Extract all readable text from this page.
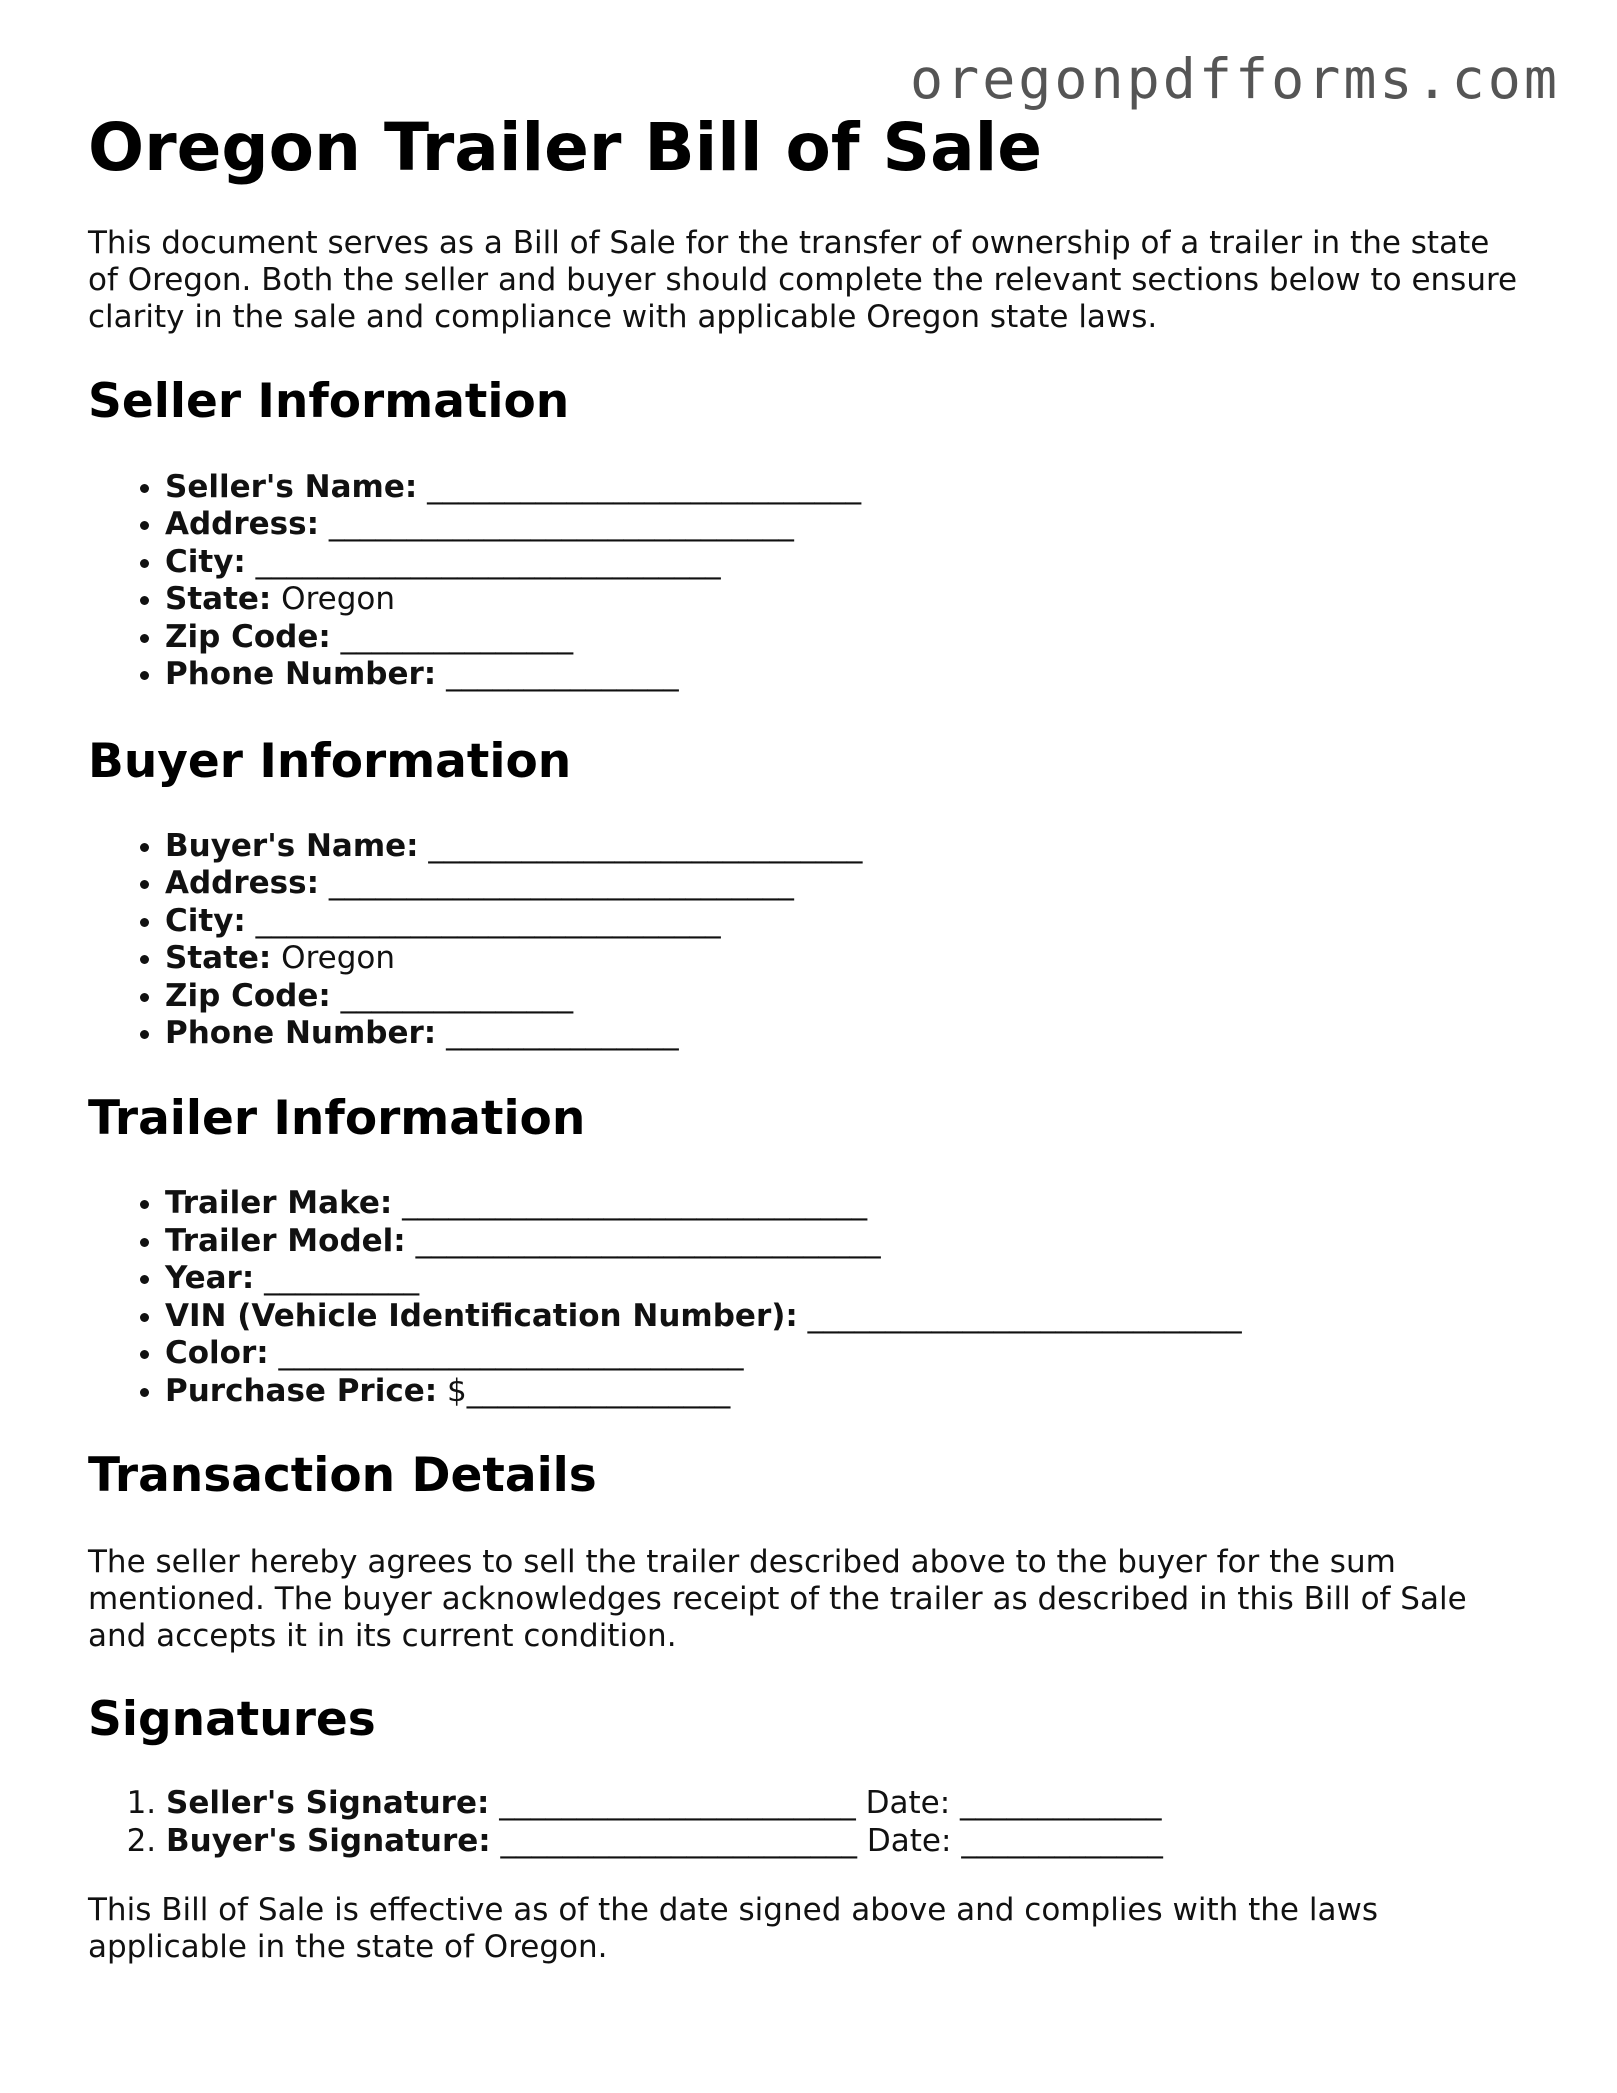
oregonpdfforms.com
Oregon Trailer Bill of Sale

This document serves as a Bill of Sale for the transfer of ownership of a trailer in the state of Oregon. Both the seller and buyer should complete the relevant sections below to ensure clarity in the sale and compliance with applicable Oregon state laws.

Seller Information
• Seller's Name: ____________________________
• Address: ______________________________
• City: ______________________________
• State: Oregon
• Zip Code: _______________
• Phone Number: _______________
Buyer Information
• Buyer's Name: ____________________________
• Address: ______________________________
• City: ______________________________
• State: Oregon
• Zip Code: _______________
• Phone Number: _______________
Trailer Information
• Trailer Make: ______________________________
• Trailer Model: ______________________________
• Year: __________
• VIN (Vehicle Identification Number): ____________________________
• Color: ______________________________
• Purchase Price: $_________________
Transaction Details

The seller hereby agrees to sell the trailer described above to the buyer for the sum mentioned. The buyer acknowledges receipt of the trailer as described in this Bill of Sale and accepts it in its current condition.

Signatures
1. Seller's Signature: _______________________ Date: _____________
2. Buyer's Signature: _______________________ Date: _____________

This Bill of Sale is effective as of the date signed above and complies with the laws applicable in the state of Oregon.
